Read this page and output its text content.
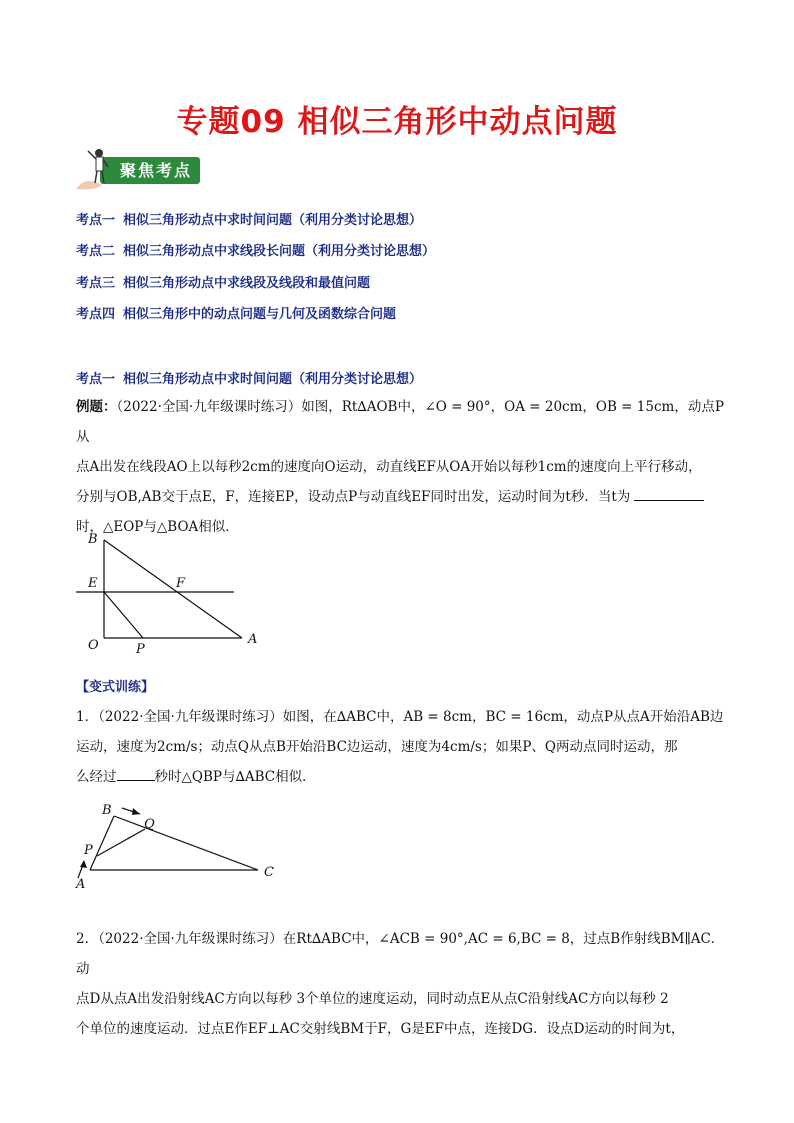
专题09 相似三角形中动点问题
聚焦考点
考点一 相似三角形动点中求时间问题（利用分类讨论思想）
考点二 相似三角形动点中求线段长问题（利用分类讨论思想）
考点三 相似三角形动点中求线段及线段和最值问题
考点四 相似三角形中的动点问题与几何及函数综合问题
考点一 相似三角形动点中求时间问题（利用分类讨论思想）
例题：（2022·全国·九年级课时练习）如图，Rt∆AOB中，∠O = 90°，OA = 20cm，OB = 15cm，动点P从
点A出发在线段AO上以每秒2cm的速度向O运动，动直线EF从OA开始以每秒1cm的速度向上平行移动，
分别与OB,AB交于点E，F，连接EP，设动点P与动直线EF同时出发，运动时间为t秒．当t为
时，△EOP与△BOA相似．
B
E	F
O	P
A
【变式训练】
1．（2022·全国·九年级课时练习）如图，在∆ABC中，AB = 8cm，BC = 16cm，动点P从点A开始沿AB边
运动，速度为2cm/s；动点Q从点B开始沿BC边运动，速度为4cm/s；如果P、Q两动点同时运动，那
么经过	秒时△QBP与∆ABC相似．
B
Q
P
A
C
2．（2022·全国·九年级课时练习）在Rt∆ABC中，∠ACB = 90°,AC = 6,BC = 8，过点B作射线BM∥AC．动
点D从点A出发沿射线AC方向以每秒 3个单位的速度运动，同时动点E从点C沿射线AC方向以每秒 2
个单位的速度运动．过点E作EF⊥AC交射线BM于F，G是EF中点，连接DG．设点D运动的时间为t，
